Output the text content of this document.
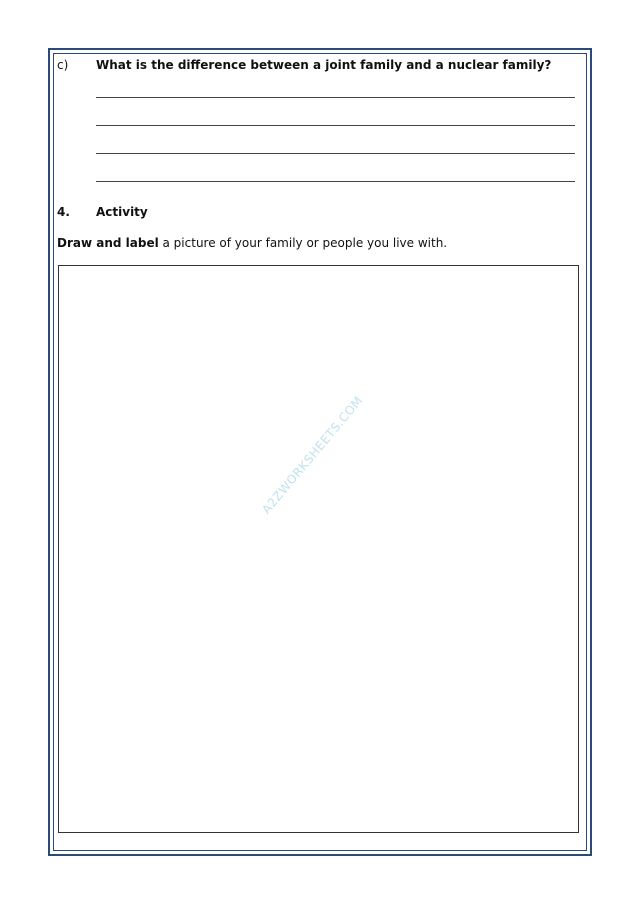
c) What is the difference between a joint family and a nuclear family?
4. Activity
Draw and label a picture of your family or people you live with.
A2ZWORKSHEETS.COM
